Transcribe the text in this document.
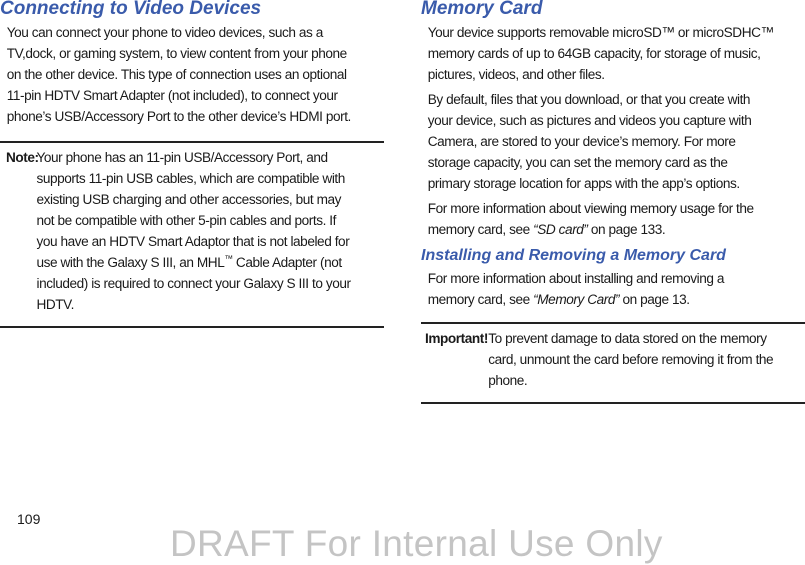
Connecting to Video Devices
You can connect your phone to video devices, such as a
TV,dock, or gaming system, to view content from your phone
on the other device. This type of connection uses an optional
11-pin HDTV Smart Adapter (not included), to connect your
phone’s USB/Accessory Port to the other device’s HDMI port.
Note:
Your phone has an 11-pin USB/Accessory Port, and
supports 11-pin USB cables, which are compatible with
existing USB charging and other accessories, but may
not be compatible with other 5-pin cables and ports. If
you have an HDTV Smart Adaptor that is not labeled for
use with the Galaxy S III, an MHL™ Cable Adapter (not
included) is required to connect your Galaxy S III to your
HDTV.
Memory Card
Your device supports removable microSD™ or microSDHC™
memory cards of up to 64GB capacity, for storage of music,
pictures, videos, and other files.
By default, files that you download, or that you create with
your device, such as pictures and videos you capture with
Camera, are stored to your device’s memory. For more
storage capacity, you can set the memory card as the
primary storage location for apps with the app’s options.
For more information about viewing memory usage for the
memory card, see “SD card” on page 133.
Installing and Removing a Memory Card
For more information about installing and removing a
memory card, see “Memory Card” on page 13.
Important! To prevent damage to data stored on the memory
card, unmount the card before removing it from the
phone.
109
DRAFT For Internal Use Only
